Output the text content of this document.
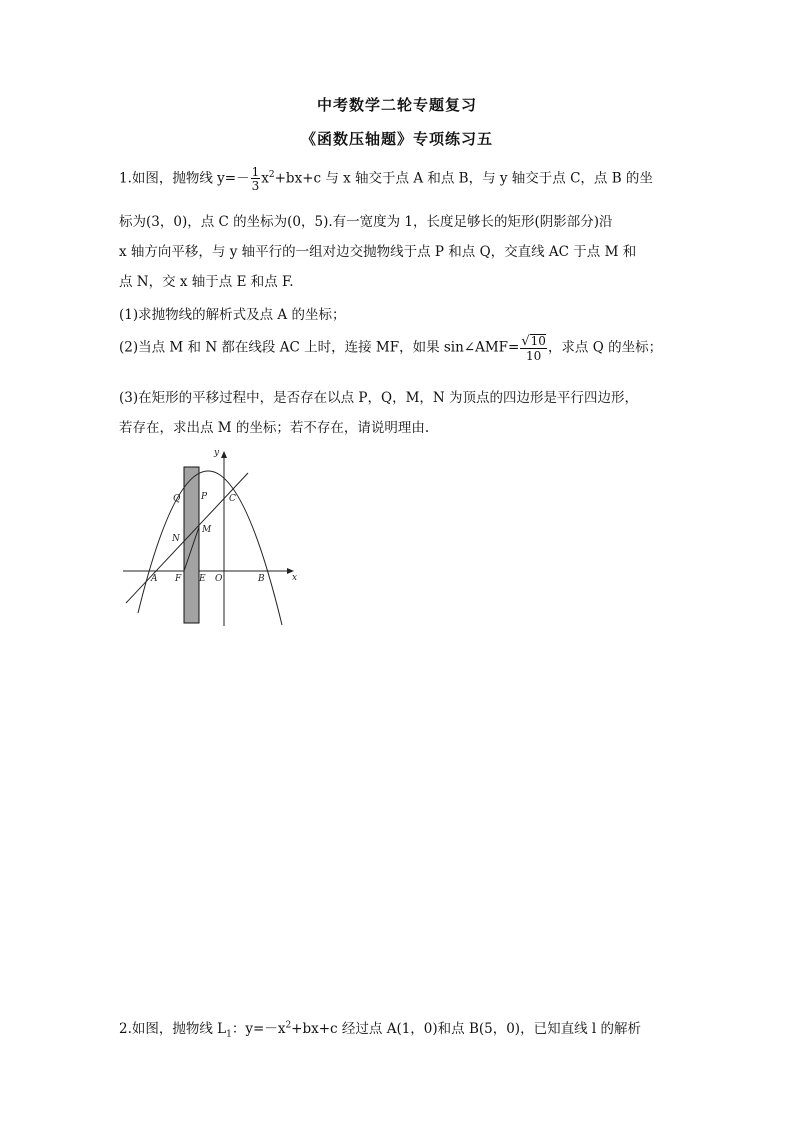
中考数学二轮专题复习
《函数压轴题》专项练习五
1.如图，抛物线 $y=- \frac{1}{3} x^2+bx+c$ 与 x 轴交于点 A 和点 B，与 y 轴交于点 C，点 B 的坐
标为(3，0)，点 C 的坐标为(0，5).有一宽度为 1，长度足够长的矩形(阴影部分)沿
x 轴方向平移，与 y 轴平行的一组对边交抛物线于点 P 和点 Q，交直线 AC 于点 M 和
点 N，交 x 轴于点 E 和点 F.
(1)求抛物线的解析式及点 A 的坐标；
(2)当点 M 和 N 都在线段 AC 上时，连接 MF，如果 sin∠AMF= $\frac{√10}{10}$ ，求点 Q 的坐标；
(3)在矩形的平移过程中，是否存在以点 P，Q，M，N 为顶点的四边形是平行四边形，
若存在，求出点 M 的坐标；若不存在，请说明理由.
y
x
Q P C
M
N
A F E O	B
2.如图，抛物线 $L_1$：$y=-x^2+bx+c$ 经过点 A(1，0)和点 B(5，0)，已知直线 l 的解析
